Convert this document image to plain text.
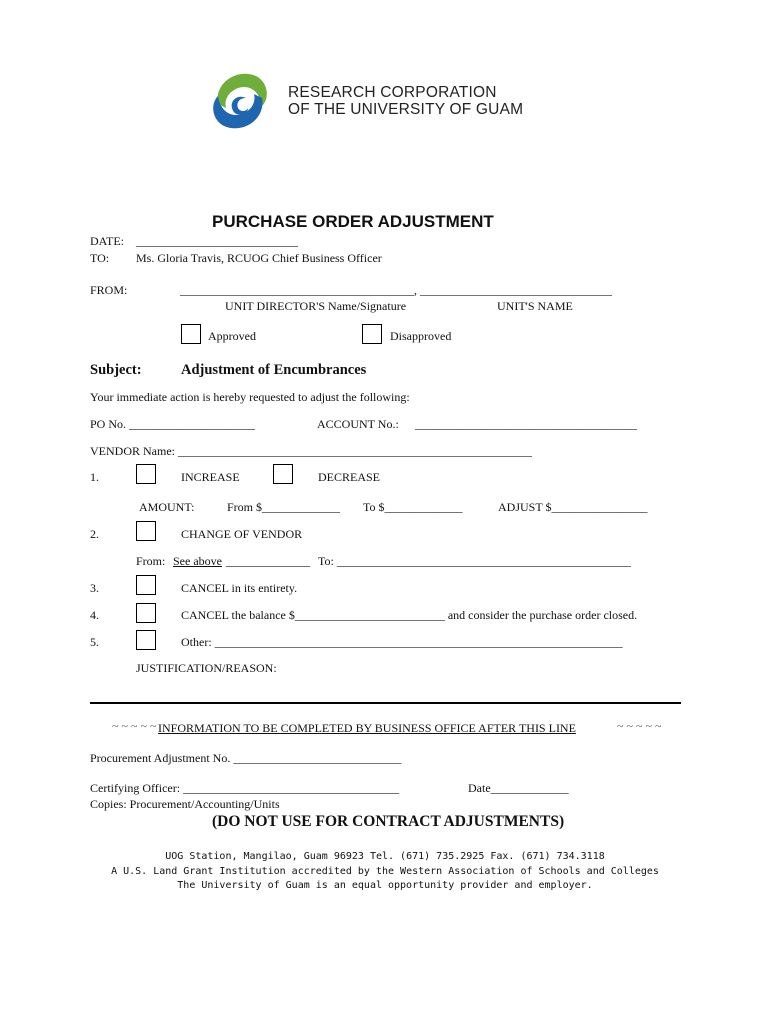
RESEARCH CORPORATION
OF THE UNIVERSITY OF GUAM
PURCHASE ORDER ADJUSTMENT
DATE: ___________________________
TO: Ms. Gloria Travis, RCUOG Chief Business Officer
FROM:	_______________________________________, ________________________________
UNIT DIRECTOR'S Name/Signature	UNIT'S NAME
Approved	Disapproved
Subject:	Adjustment of Encumbrances
Your immediate action is hereby requested to adjust the following:
PO No. _____________________	ACCOUNT No.: _____________________________________
VENDOR Name: ___________________________________________________________
1.	INCREASE	DECREASE
AMOUNT:	From $_____________ To $_____________	ADJUST $________________
2.	CHANGE OF VENDOR
From: See above ______________ To: _________________________________________________
3.	CANCEL in its entirety.
4.	CANCEL the balance $_________________________ and consider the purchase order closed.
5.	Other: ____________________________________________________________________
JUSTIFICATION/REASON:
~ ~ ~ ~ ~ INFORMATION TO BE COMPLETED BY BUSINESS OFFICE AFTER THIS LINE	~ ~ ~ ~ ~
Procurement Adjustment No. ____________________________
Certifying Officer: ____________________________________	Date_____________
Copies: Procurement/Accounting/Units
(DO NOT USE FOR CONTRACT ADJUSTMENTS)
UOG Station, Mangilao, Guam 96923 Tel. (671) 735.2925 Fax. (671) 734.3118
A U.S. Land Grant Institution accredited by the Western Association of Schools and Colleges
The University of Guam is an equal opportunity provider and employer.
